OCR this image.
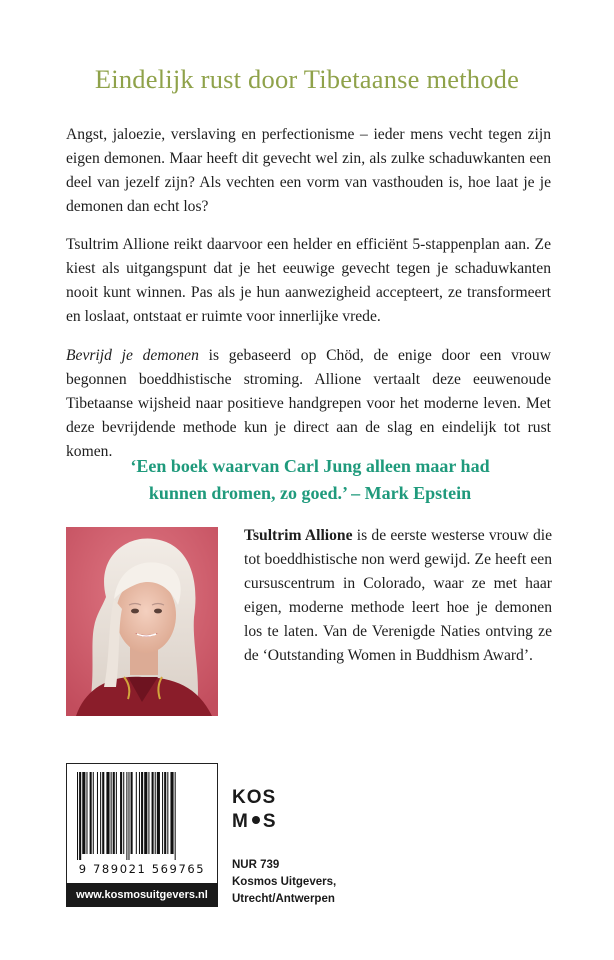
Eindelijk rust door Tibetaanse methode

Angst, jaloezie, verslaving en perfectionisme – ieder mens vecht tegen zijn eigen demonen. Maar heeft dit gevecht wel zin, als zulke schaduwkanten een deel van jezelf zijn? Als vechten een vorm van vasthouden is, hoe laat je je demonen dan echt los?

Tsultrim Allione reikt daarvoor een helder en efficiënt 5-stappenplan aan. Ze kiest als uitgangspunt dat je het eeuwige gevecht tegen je schaduwkanten nooit kunt winnen. Pas als je hun aanwezigheid accepteert, ze transformeert en loslaat, ontstaat er ruimte voor innerlijke vrede.

Bevrijd je demonen is gebaseerd op Chöd, de enige door een vrouw begonnen boeddhistische stroming. Allione vertaalt deze eeuwenoude Tibetaanse wijsheid naar positieve handgrepen voor het moderne leven. Met deze bevrijdende methode kun je direct aan de slag en eindelijk tot rust komen.

‘Een boek waarvan Carl Jung alleen maar had
kunnen dromen, zo goed.’ – Mark Epstein

Tsultrim Allione is de eerste westerse vrouw die tot boeddhistische non werd gewijd. Ze heeft een cursuscentrum in Colorado, waar ze met haar eigen, moderne methode leert hoe je demonen los te laten. Van de Verenigde Naties ontving ze de ‘Outstanding Women in Buddhism Award’.

9 789021 569765
www.kosmosuitgevers.nl
KOS
M S
NUR 739
Kosmos Uitgevers,
Utrecht/Antwerpen
